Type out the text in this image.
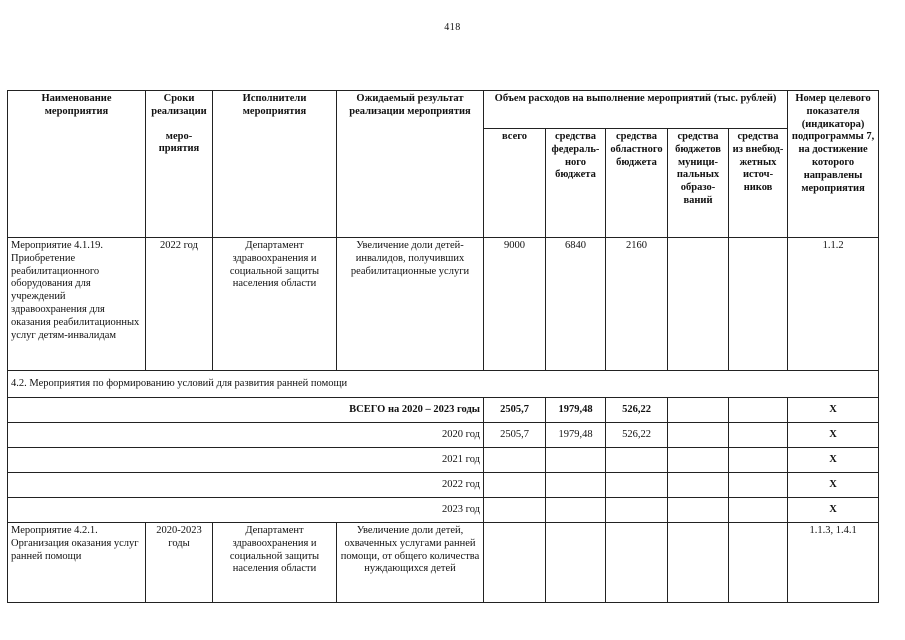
418
Наименование мероприятия	Сроки реализации	Исполнители мероприятия	Ожидаемый результат реализации мероприятия	Объем расходов на выполнение мероприятий (тыс. рублей)					Номер целевого показателя (индикатора) подпрограммы 7, на достижение которого направлены мероприятия
	меро-приятия			всего	средства федераль-ного бюджета	средства областного бюджета	средства бюджетов муници-пальных образо-ваний	средства из внебюд-жетных источ-ников	
Мероприятие 4.1.19. Приобретение реабилитационного оборудования для учреждений здравоохранения для оказания реабилитационных услуг детям-инвалидам	2022 год	Департамент здравоохранения и социальной защиты населения области	Увеличение доли детей-инвалидов, получивших реабилитационные услуги	9000	6840	2160			1.1.2
4.2. Мероприятия по формированию условий для развития ранней помощи									
ВСЕГО на 2020 – 2023 годы				2505,7	1979,48	526,22			Х
2020 год				2505,7	1979,48	526,22			Х
2021 год									Х
2022 год									Х
2023 год									Х
Мероприятие 4.2.1. Организация оказания услуг ранней помощи	2020-2023 годы	Департамент здравоохранения и социальной защиты населения области	Увеличение доли детей, охваченных услугами ранней помощи, от общего количества нуждающихся детей						1.1.3, 1.4.1
